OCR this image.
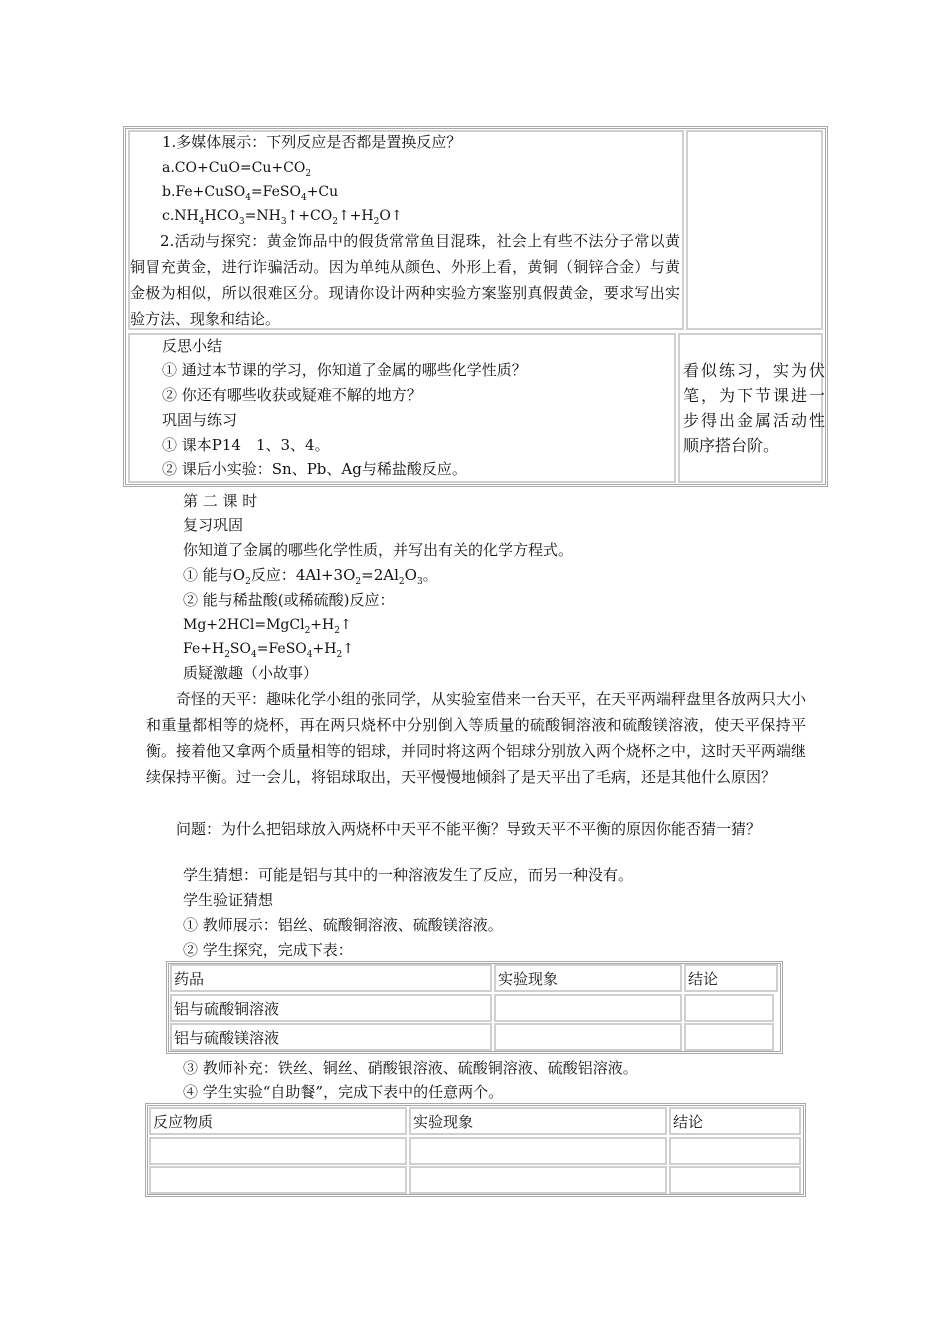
1.多媒体展示：下列反应是否都是置换反应？
$a.CO+CuO=Cu+CO_2$
b.Fe+CuSO$_4$=FeSO$_4$+Cu
$c.NH_4HCO_3=NH_3↑+CO_2↑+H_2O↑$
2.活动与探究：黄金饰品中的假货常常鱼目混珠，社会上有些不法分子常以黄铜冒充黄金，进行诈骗活动。因为单纯从颜色、外形上看，黄铜（铜锌合金）与黄金极为相似，所以很难区分。现请你设计两种实验方案鉴别真假黄金，要求写出实验方法、现象和结论。
反思小结
① 通过本节课的学习，你知道了金属的哪些化学性质？
② 你还有哪些收获或疑难不解的地方？
巩固与练习
① 课本P14　1、3、4。
② 课后小实验：Sn、Pb、Ag与稀盐酸反应。
看似练习，实为伏笔，为下节课进一步得出金属活动性顺序搭台阶。
第 二 课 时
复习巩固
你知道了金属的哪些化学性质，并写出有关的化学方程式。
① 能与$O_2$反应：$4Al+3O_2=2Al_2O_3$。
② 能与稀盐酸(或稀硫酸)反应：
$Mg+2HCl=MgCl_2+H_2↑$
$Fe+H_2SO_4=FeSO_4+H_2↑$
质疑激趣（小故事）
奇怪的天平：趣味化学小组的张同学，从实验室借来一台天平，在天平两端秤盘里各放两只大小和重量都相等的烧杯，再在两只烧杯中分别倒入等质量的硫酸铜溶液和硫酸镁溶液，使天平保持平衡。接着他又拿两个质量相等的铝球，并同时将这两个铝球分别放入两个烧杯之中，这时天平两端继续保持平衡。过一会儿，将铝球取出，天平慢慢地倾斜了是天平出了毛病，还是其他什么原因？
问题：为什么把铝球放入两烧杯中天平不能平衡？导致天平不平衡的原因你能否猜一猜？
学生猜想：可能是铝与其中的一种溶液发生了反应，而另一种没有。
学生验证猜想
① 教师展示：铝丝、硫酸铜溶液、硫酸镁溶液。
② 学生探究，完成下表：
药品	实验现象	结论
铝与硫酸铜溶液
铝与硫酸镁溶液
③ 教师补充：铁丝、铜丝、硝酸银溶液、硫酸铜溶液、硫酸铝溶液。
④ 学生实验“自助餐”，完成下表中的任意两个。
反应物质	实验现象	结论
